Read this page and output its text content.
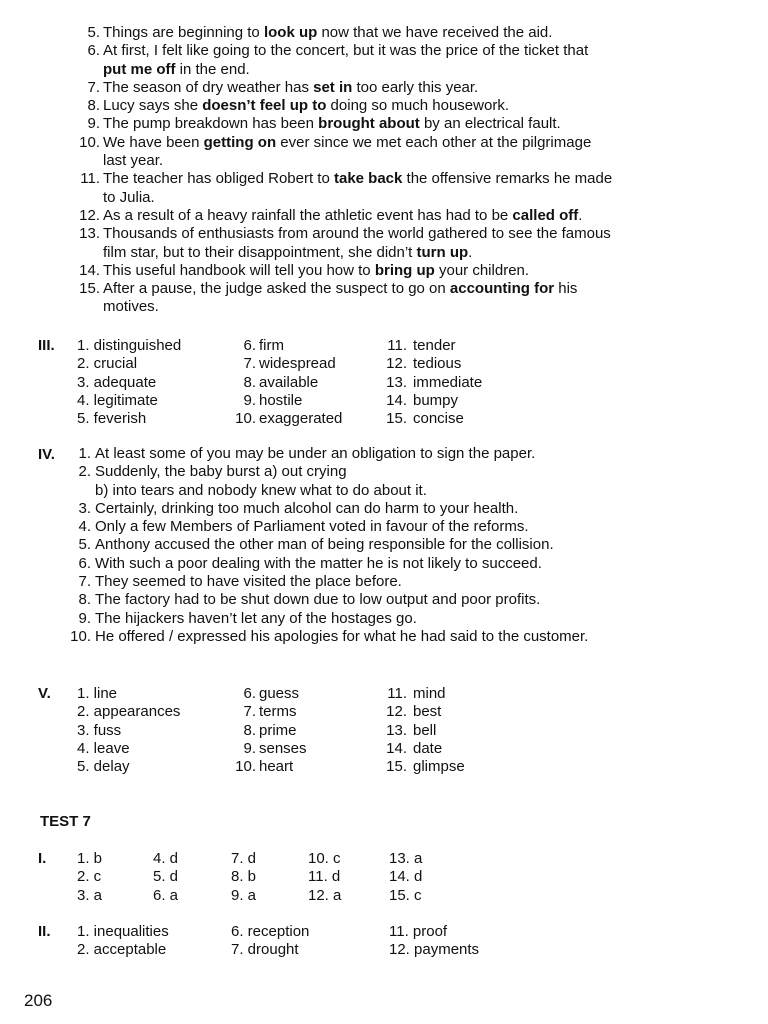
5. Things are beginning to look up now that we have received the aid.
6. At first, I felt like going to the concert, but it was the price of the ticket that
put me off in the end.
7. The season of dry weather has set in too early this year.
8. Lucy says she doesn’t feel up to doing so much housework.
9. The pump breakdown has been brought about by an electrical fault.
10. We have been getting on ever since we met each other at the pilgrimage
last year.
11. The teacher has obliged Robert to take back the offensive remarks he made
to Julia.
12. As a result of a heavy rainfall the athletic event has had to be called off.
13. Thousands of enthusiasts from around the world gathered to see the famous
film star, but to their disappointment, she didn’t turn up.
14. This useful handbook will tell you how to bring up your children.
15. After a pause, the judge asked the suspect to go on accounting for his
motives.
III. 1. distinguished
2. crucial
3. adequate
4. legitimate
5. feverish
6.
7.
8.
9.
10.
firm
widespread
available
hostile
exaggerated
11.
12.
13.
14.
15.
tender
tedious
immediate
bumpy
concise
IV.	1. At least some of you may be under an obligation to sign the paper.
2. Suddenly, the baby burst a) out crying
b) into tears and nobody knew what to do about it.
3. Certainly, drinking too much alcohol can do harm to your health.
4. Only a few Members of Parliament voted in favour of the reforms.
5. Anthony accused the other man of being responsible for the collision.
6. With such a poor dealing with the matter he is not likely to succeed.
7. They seemed to have visited the place before.
8. The factory had to be shut down due to low output and poor profits.
9. The hijackers haven’t let any of the hostages go.
10. He offered / expressed his apologies for what he had said to the customer.
V. 1. line
2. appearances
3. fuss
4. leave
5. delay
6.
7.
8.
9.
10.
guess
terms
prime
senses
heart
11.
12.
13.
14.
15.
mind
best
bell
date
glimpse
TEST 7
I. 1. b
2. c
3. a
4. d
5. d
6. a
7. d
8. b
9. a
10. c
11. d
12. a
13. a
14. d
15. c
II. 1. inequalities
2. acceptable
6. reception
7. drought
11. proof
12. payments
206
